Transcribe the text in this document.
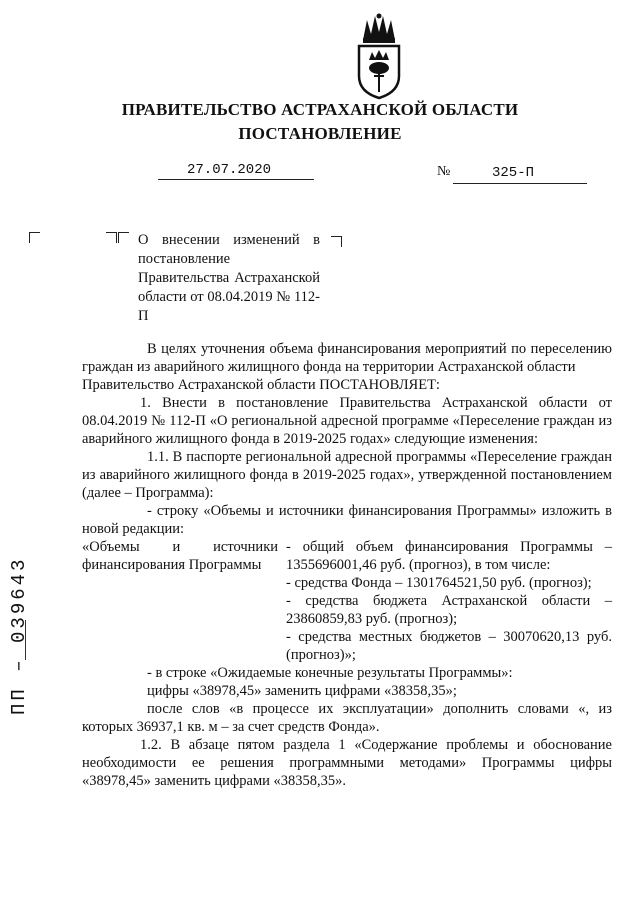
ПРАВИТЕЛЬСТВО АСТРАХАНСКОЙ ОБЛАСТИ
ПОСТАНОВЛЕНИЕ
27.07.2020	№	325-П
О внесении изменений в постановление Правительства Астраханской области от 08.04.2019 № 112-П

В целях уточнения объема финансирования мероприятий по переселению граждан из аварийного жилищного фонда на территории Астраханской области

Правительство Астраханской области ПОСТАНОВЛЯЕТ:

1. Внести в постановление Правительства Астраханской области от 08.04.2019 № 112-П «О региональной адресной программе «Переселение граждан из аварийного жилищного фонда в 2019-2025 годах» следующие изменения:

1.1. В паспорте региональной адресной программы «Переселение граждан из аварийного жилищного фонда в 2019-2025 годах», утвержденной постановлением (далее – Программа):

- строку «Объемы и источники финансирования Программы» изложить в новой редакции:

«Объемы и источники финансирования Программы
- общий объем финансирования Программы – 1355696001,46 руб. (прогноз), в том числе:
- средства Фонда – 1301764521,50 руб. (прогноз);
- средства бюджета Астраханской области – 23860859,83 руб. (прогноз);
- средства местных бюджетов – 30070620,13 руб. (прогноз)»;

- в строке «Ожидаемые конечные результаты Программы»:

цифры «38978,45» заменить цифрами «38358,35»;

после слов «в процессе их эксплуатации» дополнить словами «, из которых 36937,1 кв. м – за счет средств Фонда».

1.2. В абзаце пятом раздела 1 «Содержание проблемы и обоснование необходимости ее решения программными методами» Программы цифры «38978,45» заменить цифрами «38358,35».

ПП – 039643
